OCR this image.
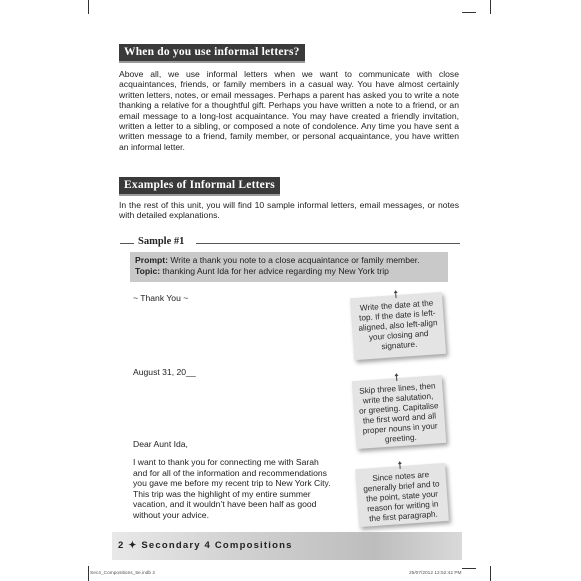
When do you use informal letters?
Above all, we use informal letters when we want to communicate with close acquaintances, friends, or family members in a casual way. You have almost certainly written letters, notes, or email messages. Perhaps a parent has asked you to write a note thanking a relative for a thoughtful gift. Perhaps you have written a note to a friend, or an email message to a long-lost acquaintance. You may have created a friendly invitation, written a letter to a sibling, or composed a note of condolence. Any time you have sent a written message to a friend, family member, or personal acquaintance, you have written an informal letter.
Examples of Informal Letters
In the rest of this unit, you will find 10 sample informal letters, email messages, or notes with detailed explanations.
Sample #1
Prompt: Write a thank you note to a close acquaintance or family member.
Topic: thanking Aunt Ida for her advice regarding my New York trip
~ Thank You ~
August 31, 20__
Dear Aunt Ida,
I want to thank you for connecting me with Sarah
and for all of the information and recommendations
you gave me before my recent trip to New York City.
This trip was the highlight of my entire summer
vacation, and it wouldn’t have been half as good
without your advice.
Write the date at the top. If the date is left-aligned, also left-align your closing and signature.
Skip three lines, then write the salutation, or greeting. Capitalise the first word and all proper nouns in your greeting.
Since notes are generally brief and to the point, state your reason for writing in the first paragraph.
2 ✦ Secondary 4 Compositions
Sec4_Compositions_5e.indb 2	25/07/2012 12:52:42 PM
